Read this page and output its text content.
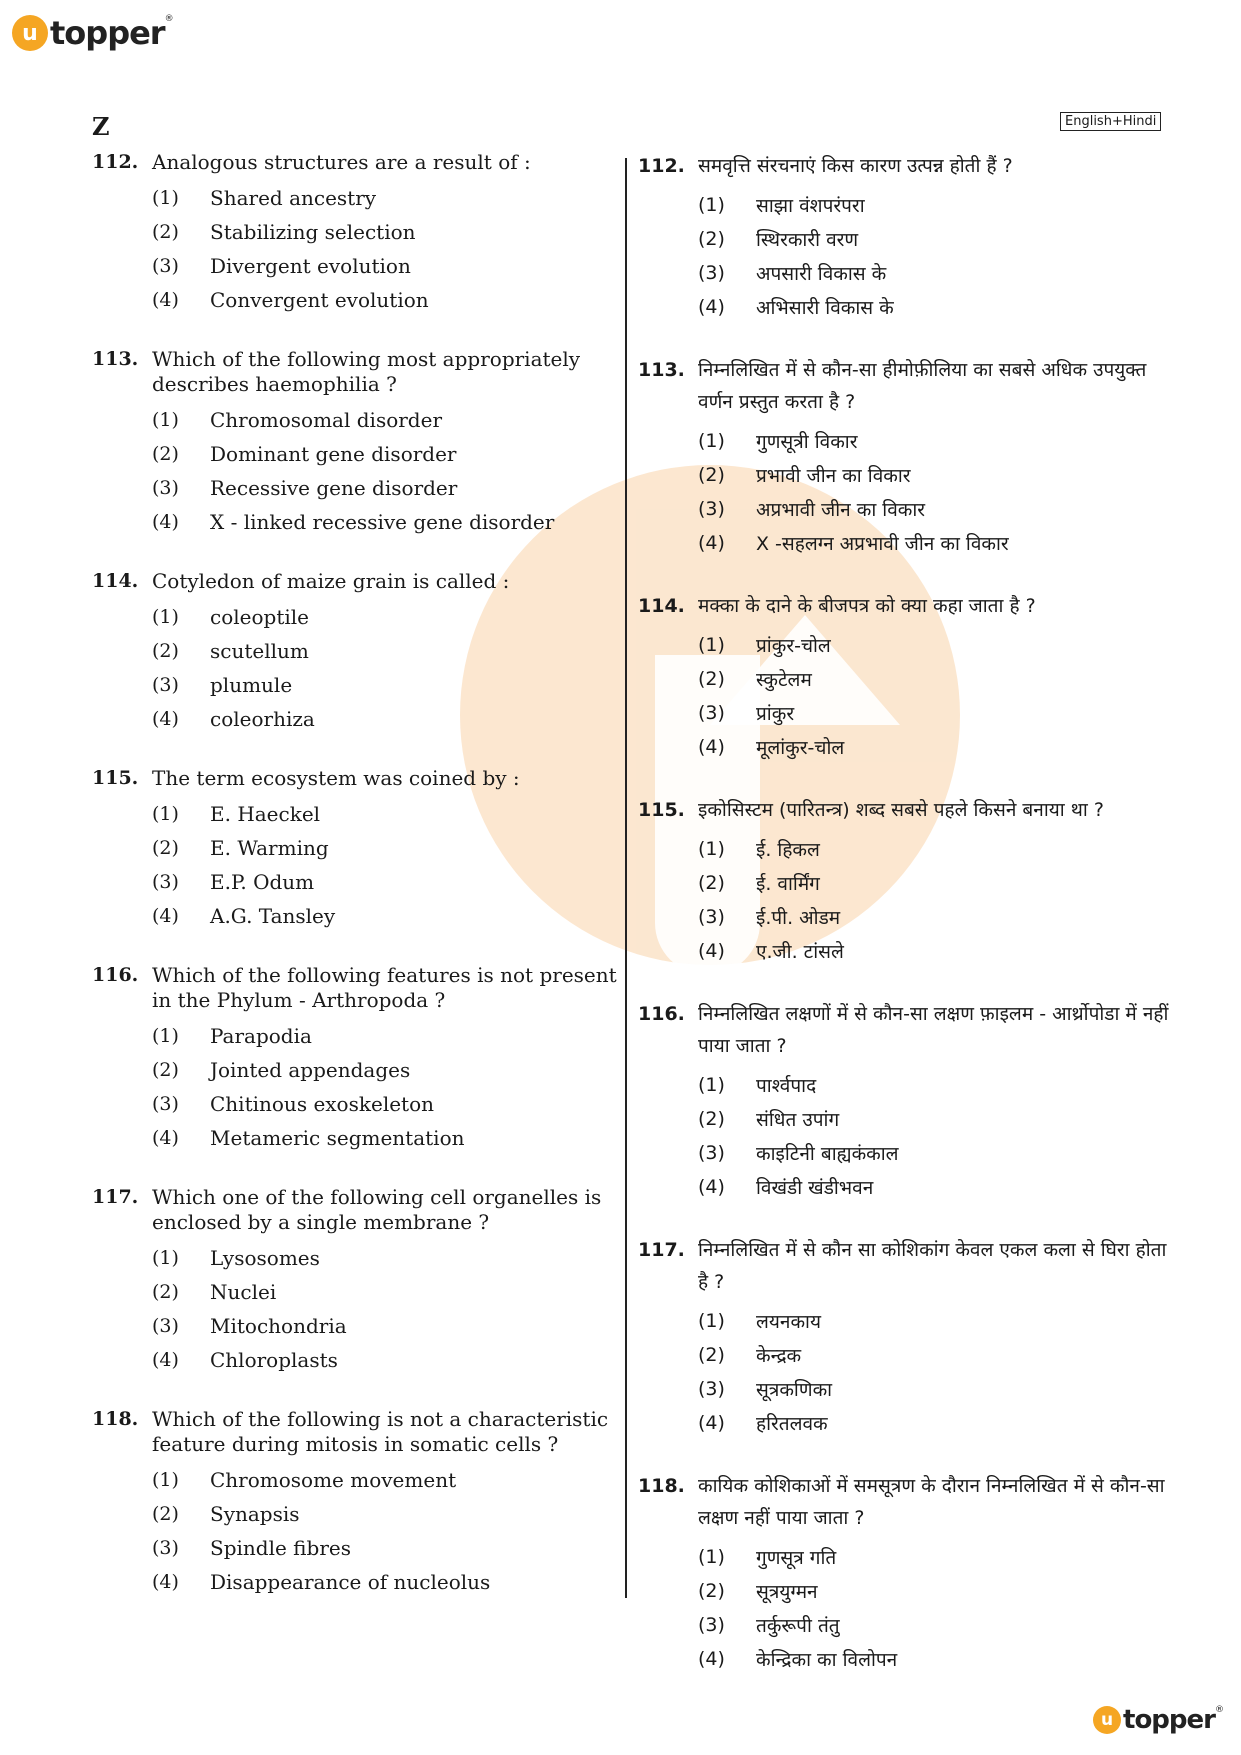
u topper®
Z	English+Hindi
112. Analogous structures are a result of :
(1)	Shared ancestry
(2)	Stabilizing selection
(3)	Divergent evolution
(4)	Convergent evolution
113. Which of the following most appropriately describes haemophilia ?
(1)	Chromosomal disorder
(2)	Dominant gene disorder
(3)	Recessive gene disorder
(4)	X - linked recessive gene disorder
114. Cotyledon of maize grain is called :
(1)	coleoptile
(2)	scutellum
(3)	plumule
(4)	coleorhiza
115. The term ecosystem was coined by :
(1)	E. Haeckel
(2)	E. Warming
(3)	E.P. Odum
(4)	A.G. Tansley
116. Which of the following features is not present in the Phylum - Arthropoda ?
(1)	Parapodia
(2)	Jointed appendages
(3)	Chitinous exoskeleton
(4)	Metameric segmentation
117. Which one of the following cell organelles is enclosed by a single membrane ?
(1)	Lysosomes
(2)	Nuclei
(3)	Mitochondria
(4)	Chloroplasts
118. Which of the following is not a characteristic feature during mitosis in somatic cells ?
(1)	Chromosome movement
(2)	Synapsis
(3)	Spindle fibres
(4)	Disappearance of nucleolus
112. समवृत्ति संरचनाएं किस कारण उत्पन्न होती हैं ?
(1)	साझा वंशपरंपरा
(2)	स्थिरकारी वरण
(3)	अपसारी विकास के
(4)	अभिसारी विकास के
113. निम्नलिखित में से कौन-सा हीमोफ़ीलिया का सबसे अधिक उपयुक्त वर्णन प्रस्तुत करता है ?
(1)	गुणसूत्री विकार
(2)	प्रभावी जीन का विकार
(3)	अप्रभावी जीन का विकार
(4)	X -सहलग्न अप्रभावी जीन का विकार
114. मक्का के दाने के बीजपत्र को क्या कहा जाता है ?
(1)	प्रांकुर-चोल
(2)	स्कुटेलम
(3)	प्रांकुर
(4)	मूलांकुर-चोल
115. इकोसिस्टम (पारितन्त्र) शब्द सबसे पहले किसने बनाया था ?
(1)	ई. हिकल
(2)	ई. वार्मिंग
(3)	ई.पी. ओडम
(4)	ए.जी. टांसले
116. निम्नलिखित लक्षणों में से कौन-सा लक्षण फ़ाइलम - आर्थ्रोपोडा में नहीं पाया जाता ?
(1)	पार्श्वपाद
(2)	संधित उपांग
(3)	काइटिनी बाह्यकंकाल
(4)	विखंडी खंडीभवन
117. निम्नलिखित में से कौन सा कोशिकांग केवल एकल कला से घिरा होता है ?
(1)	लयनकाय
(2)	केन्द्रक
(3)	सूत्रकणिका
(4)	हरितलवक
118. कायिक कोशिकाओं में समसूत्रण के दौरान निम्नलिखित में से कौन-सा लक्षण नहीं पाया जाता ?
(1)	गुणसूत्र गति
(2)	सूत्रयुग्मन
(3)	तर्कुरूपी तंतु
(4)	केन्द्रिका का विलोपन
u topper®
